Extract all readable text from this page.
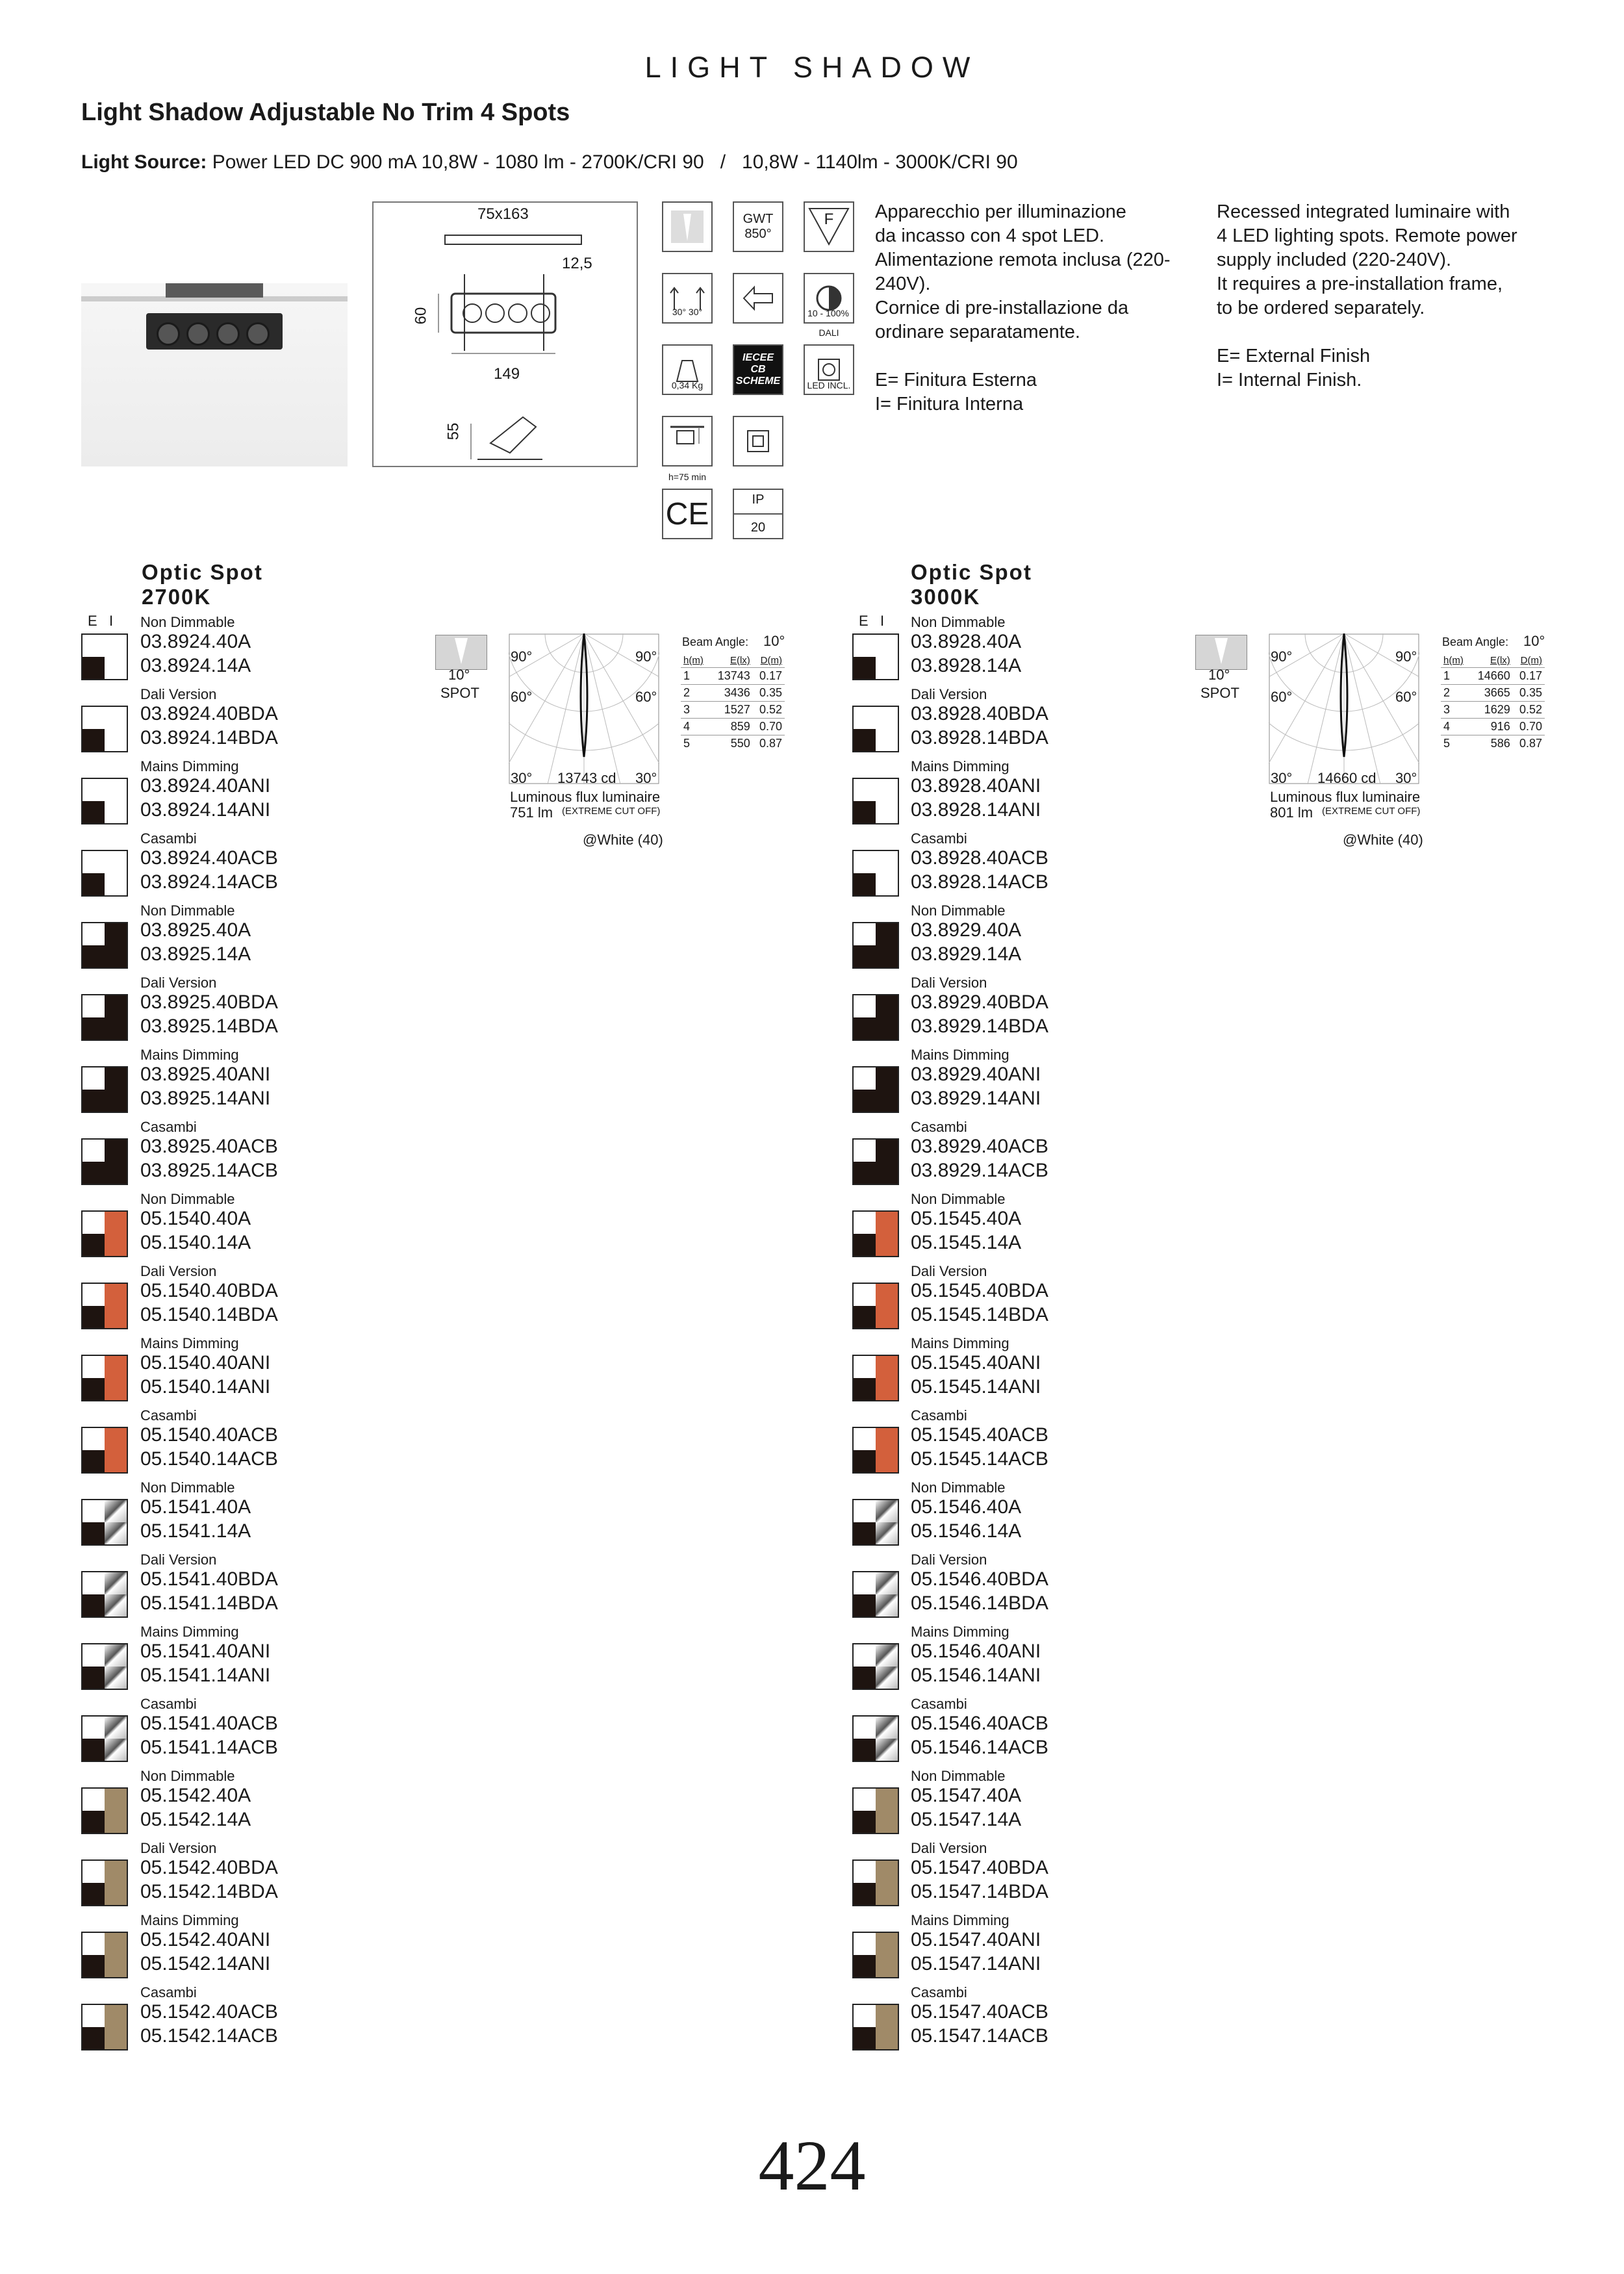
LIGHT SHADOW
Light Shadow Adjustable No Trim 4 Spots
Light Source: Power LED DC 900 mA 10,8W - 1080 lm - 2700K/CRI 90   /   10,8W - 1140lm - 3000K/CRI 90
75x163
12,5
60
149
55
GWT
850°
F
30° 30°	10 - 100%
DALI
0,34 Kg
IECEE CB SCHEME	LED INCL.
h=75 min
CE	IP
20
Apparecchio per illuminazione
da incasso con 4 spot LED.
Alimentazione remota inclusa (220-
240V).
Cornice di pre-installazione da
ordinare separatamente.

E= Finitura Esterna
I= Finitura Interna
Recessed integrated luminaire with
4 LED lighting spots. Remote power
supply included (220-240V).
It requires a pre-installation frame,
to be ordered separately.

E= External Finish
I= Internal Finish.
Optic Spot
2700K
E   I
Optic Spot
3000K
E   I
Non Dimmable
03.8924.40A
03.8924.14A
Dali Version
03.8924.40BDA
03.8924.14BDA
Mains Dimming
03.8924.40ANI
03.8924.14ANI
Casambi
03.8924.40ACB
03.8924.14ACB
Non Dimmable
03.8925.40A
03.8925.14A
Dali Version
03.8925.40BDA
03.8925.14BDA
Mains Dimming
03.8925.40ANI
03.8925.14ANI
Casambi
03.8925.40ACB
03.8925.14ACB
Non Dimmable
05.1540.40A
05.1540.14A
Dali Version
05.1540.40BDA
05.1540.14BDA
Mains Dimming
05.1540.40ANI
05.1540.14ANI
Casambi
05.1540.40ACB
05.1540.14ACB
Non Dimmable
05.1541.40A
05.1541.14A
Dali Version
05.1541.40BDA
05.1541.14BDA
Mains Dimming
05.1541.40ANI
05.1541.14ANI
Casambi
05.1541.40ACB
05.1541.14ACB
Non Dimmable
05.1542.40A
05.1542.14A
Dali Version
05.1542.40BDA
05.1542.14BDA
Mains Dimming
05.1542.40ANI
05.1542.14ANI
Casambi
05.1542.40ACB
05.1542.14ACB
Non Dimmable
03.8928.40A
03.8928.14A
Dali Version
03.8928.40BDA
03.8928.14BDA
Mains Dimming
03.8928.40ANI
03.8928.14ANI
Casambi
03.8928.40ACB
03.8928.14ACB
Non Dimmable
03.8929.40A
03.8929.14A
Dali Version
03.8929.40BDA
03.8929.14BDA
Mains Dimming
03.8929.40ANI
03.8929.14ANI
Casambi
03.8929.40ACB
03.8929.14ACB
Non Dimmable
05.1545.40A
05.1545.14A
Dali Version
05.1545.40BDA
05.1545.14BDA
Mains Dimming
05.1545.40ANI
05.1545.14ANI
Casambi
05.1545.40ACB
05.1545.14ACB
Non Dimmable
05.1546.40A
05.1546.14A
Dali Version
05.1546.40BDA
05.1546.14BDA
Mains Dimming
05.1546.40ANI
05.1546.14ANI
Casambi
05.1546.40ACB
05.1546.14ACB
Non Dimmable
05.1547.40A
05.1547.14A
Dali Version
05.1547.40BDA
05.1547.14BDA
Mains Dimming
05.1547.40ANI
05.1547.14ANI
Casambi
05.1547.40ACB
05.1547.14ACB
10°
SPOT
90°	90°
60°	60°
30°	30°
13743 cd
Luminous flux luminaire
751 lm (EXTREME CUT OFF)
@White (40)
Beam Angle: 10°
h(m)	E(lx)	D(m)
1	13743	0.17
2	3436	0.35
3	1527	0.52
4	859	0.70
5	550	0.87
10°
SPOT
90°	90°
60°	60°
30°	30°
14660 cd
Luminous flux luminaire
801 lm (EXTREME CUT OFF)
@White (40)
Beam Angle: 10°
h(m)	E(lx)	D(m)
1	14660	0.17
2	3665	0.35
3	1629	0.52
4	916	0.70
5	586	0.87
424
